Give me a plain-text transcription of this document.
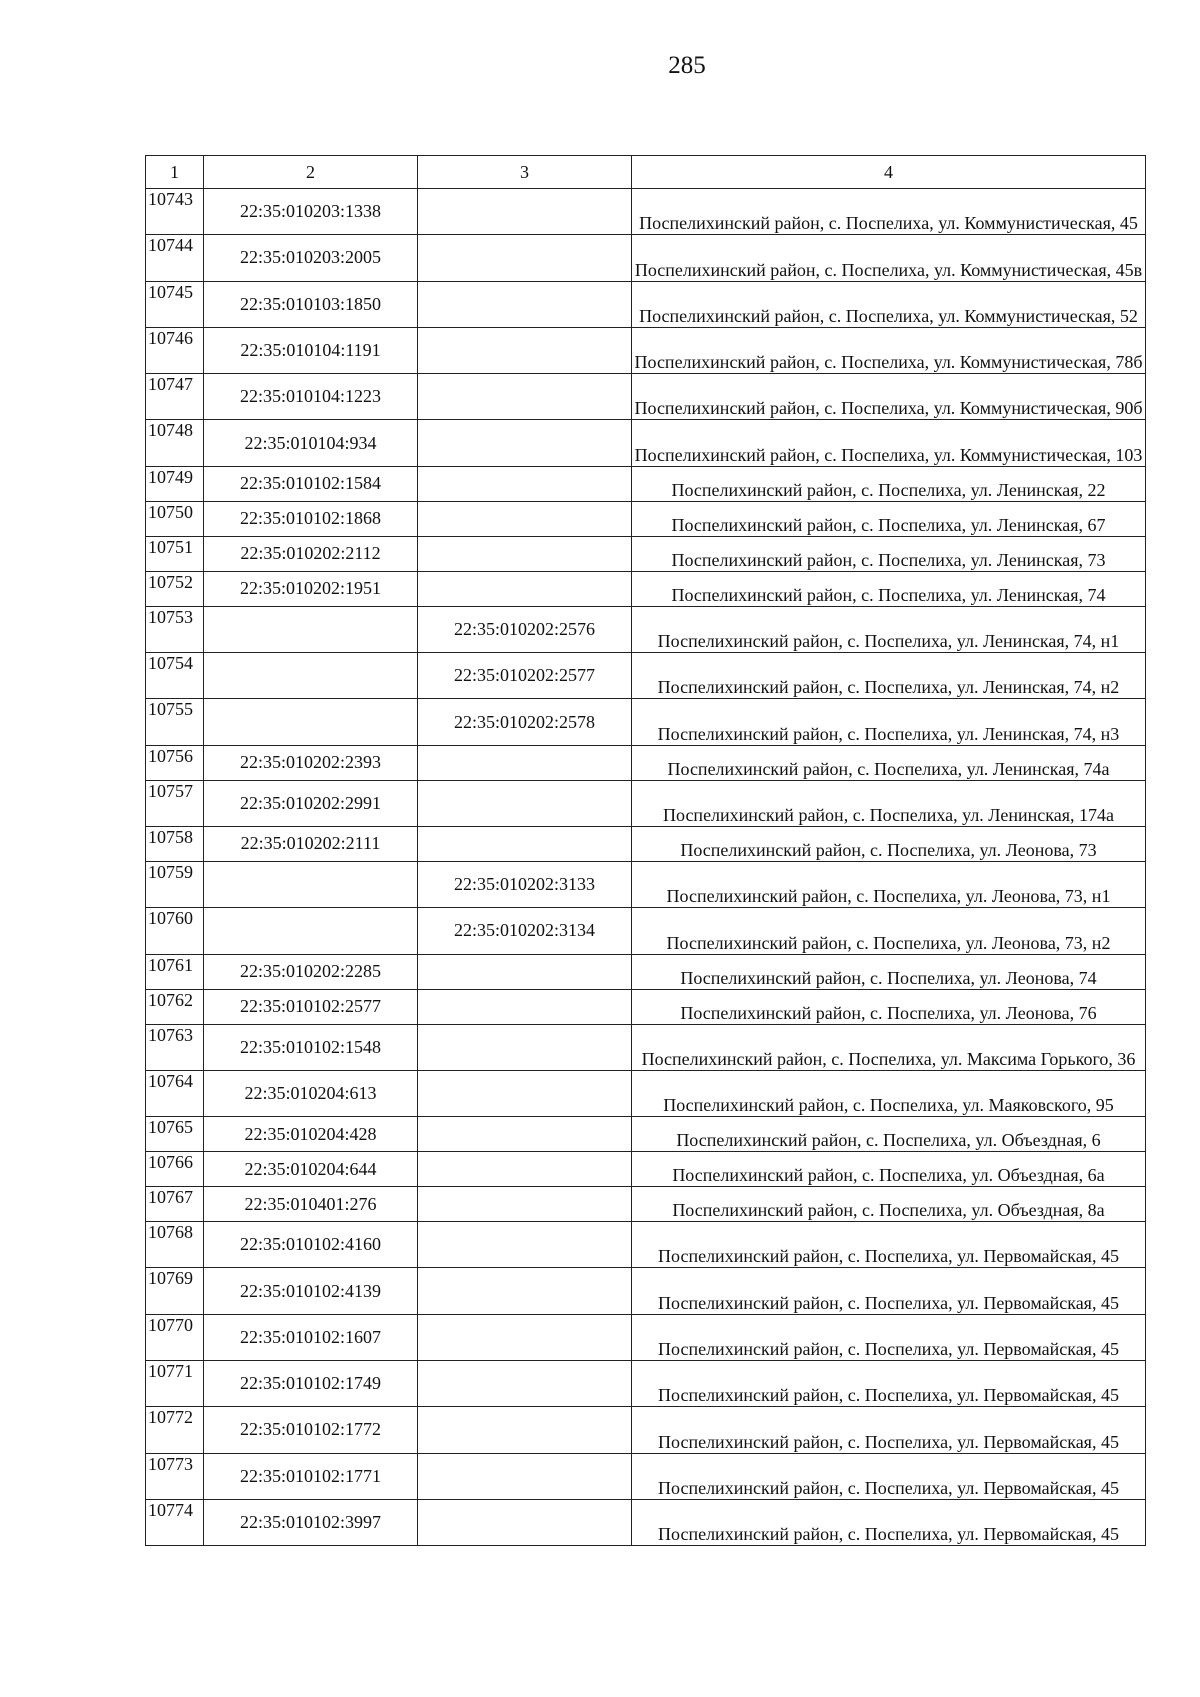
285
1	2	3	4
10743	22:35:010203:1338		Поспелихинский район, с. Поспелиха, ул. Коммунистическая, 45
10744	22:35:010203:2005		Поспелихинский район, с. Поспелиха, ул. Коммунистическая, 45в
10745	22:35:010103:1850		Поспелихинский район, с. Поспелиха, ул. Коммунистическая, 52
10746	22:35:010104:1191		Поспелихинский район, с. Поспелиха, ул. Коммунистическая, 78б
10747	22:35:010104:1223		Поспелихинский район, с. Поспелиха, ул. Коммунистическая, 90б
10748	22:35:010104:934		Поспелихинский район, с. Поспелиха, ул. Коммунистическая, 103
10749	22:35:010102:1584		Поспелихинский район, с. Поспелиха, ул. Ленинская, 22
10750	22:35:010102:1868		Поспелихинский район, с. Поспелиха, ул. Ленинская, 67
10751	22:35:010202:2112		Поспелихинский район, с. Поспелиха, ул. Ленинская, 73
10752	22:35:010202:1951		Поспелихинский район, с. Поспелиха, ул. Ленинская, 74
10753		22:35:010202:2576	Поспелихинский район, с. Поспелиха, ул. Ленинская, 74, н1
10754		22:35:010202:2577	Поспелихинский район, с. Поспелиха, ул. Ленинская, 74, н2
10755		22:35:010202:2578	Поспелихинский район, с. Поспелиха, ул. Ленинская, 74, н3
10756	22:35:010202:2393		Поспелихинский район, с. Поспелиха, ул. Ленинская, 74а
10757	22:35:010202:2991		Поспелихинский район, с. Поспелиха, ул. Ленинская, 174а
10758	22:35:010202:2111		Поспелихинский район, с. Поспелиха, ул. Леонова, 73
10759		22:35:010202:3133	Поспелихинский район, с. Поспелиха, ул. Леонова, 73, н1
10760		22:35:010202:3134	Поспелихинский район, с. Поспелиха, ул. Леонова, 73, н2
10761	22:35:010202:2285		Поспелихинский район, с. Поспелиха, ул. Леонова, 74
10762	22:35:010102:2577		Поспелихинский район, с. Поспелиха, ул. Леонова, 76
10763	22:35:010102:1548		Поспелихинский район, с. Поспелиха, ул. Максима Горького, 36
10764	22:35:010204:613		Поспелихинский район, с. Поспелиха, ул. Маяковского, 95
10765	22:35:010204:428		Поспелихинский район, с. Поспелиха, ул. Объездная, 6
10766	22:35:010204:644		Поспелихинский район, с. Поспелиха, ул. Объездная, 6а
10767	22:35:010401:276		Поспелихинский район, с. Поспелиха, ул. Объездная, 8а
10768	22:35:010102:4160		Поспелихинский район, с. Поспелиха, ул. Первомайская, 45
10769	22:35:010102:4139		Поспелихинский район, с. Поспелиха, ул. Первомайская, 45
10770	22:35:010102:1607		Поспелихинский район, с. Поспелиха, ул. Первомайская, 45
10771	22:35:010102:1749		Поспелихинский район, с. Поспелиха, ул. Первомайская, 45
10772	22:35:010102:1772		Поспелихинский район, с. Поспелиха, ул. Первомайская, 45
10773	22:35:010102:1771		Поспелихинский район, с. Поспелиха, ул. Первомайская, 45
10774	22:35:010102:3997		Поспелихинский район, с. Поспелиха, ул. Первомайская, 45
